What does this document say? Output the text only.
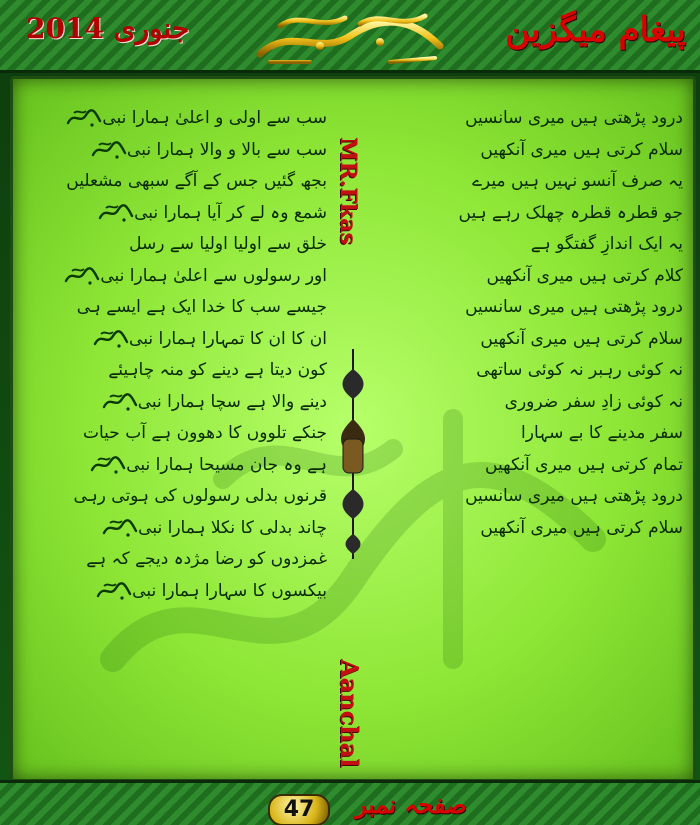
جنوری 2014	پیغام میگزین
سب سے اولی و اعلیٰ ہمارا نبی
سب سے بالا و والا ہمارا نبی
بجھ گئیں جس کے آگے سبھی مشعلیں
شمع وہ لے کر آیا ہمارا نبی
خلق سے اولیا اولیا سے رسل
اور رسولوں سے اعلیٰ ہمارا نبی
جیسے سب کا خدا ایک ہے ایسے ہی
ان کا ان کا تمہارا ہمارا نبی
کون دیتا ہے دینے کو منہ چاہیئے
دینے والا ہے سچا ہمارا نبی
جنکے تلووں کا دھوون ہے آب حیات
ہے وہ جان مسیحا ہمارا نبی
قرنوں بدلی رسولوں کی ہوتی رہی
چاند بدلی کا نکلا ہمارا نبی
غمزدوں کو رضا مژدہ دیجے کہ ہے
بیکسوں کا سہارا ہمارا نبی
MR.Fkas
Aanchal
درود پڑھتی ہیں میری سانسیں
سلام کرتی ہیں میری آنکھیں
یہ صرف آنسو نہیں ہیں میرے
جو قطرہ قطرہ چھلک رہے ہیں
یہ ایک اندازِ گفتگو ہے
کلام کرتی ہیں میری آنکھیں
درود پڑھتی ہیں میری سانسیں
سلام کرتی ہیں میری آنکھیں
نہ کوئی رہبر نہ کوئی ساتھی
نہ کوئی زادِ سفر ضروری
سفر مدینے کا بے سہارا
تمام کرتی ہیں میری آنکھیں
درود پڑھتی ہیں میری سانسیں
سلام کرتی ہیں میری آنکھیں
47	صفحہ نمبر
